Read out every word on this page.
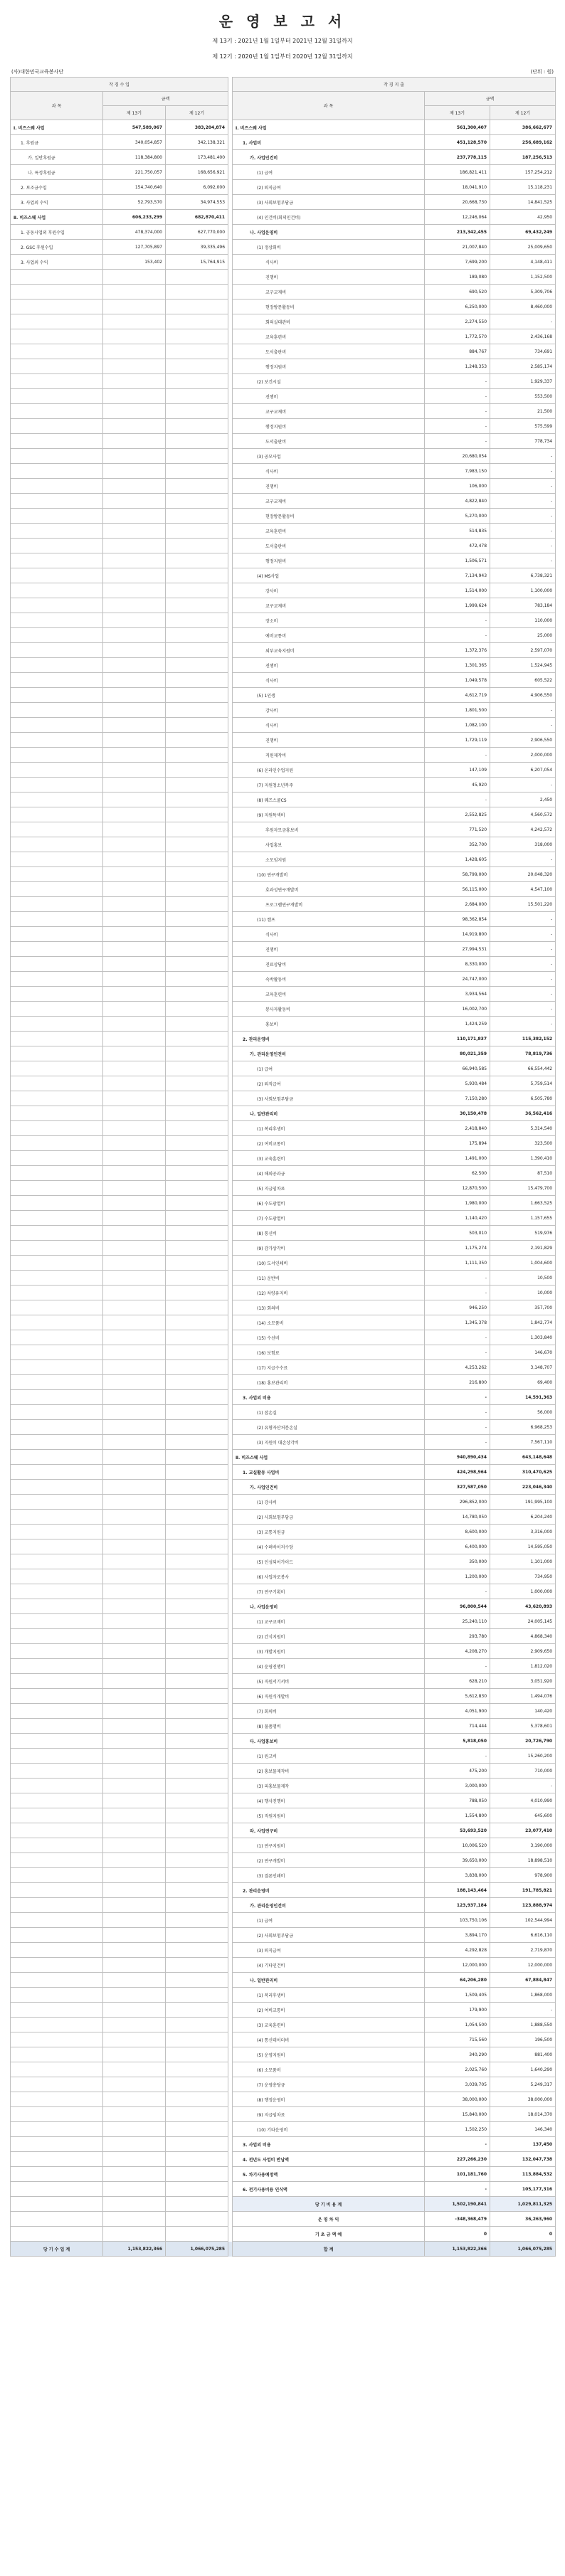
운 영 보 고 서
제 13기 : 2021년 1월 1일부터 2021년 12월 31일까지
제 12기 : 2020년 1월 1일부터 2020년 12월 31일까지
(사)대한민국교육봉사단	(단위 : 원)
작 경 수 입				작 경 지 출		
과 목	금액			과 목	금액	
	제 13기	제 12기			제 13기	제 12기
Ⅰ. 비즈스웨 사업	547,589,067	383,204,874		Ⅰ. 비즈스웨 사업	561,300,407	386,662,677
1. 후원금	340,054,857	342,138,321		1. 사업비	451,128,570	256,689,162
가. 일반후원금	118,384,800	173,481,400		가. 사업인건비	237,778,115	187,256,513
나. 특정후원금	221,750,057	168,656,921		(1) 급여	186,821,411	157,254,212
2. 보조금수입	154,740,640	6,092,000		(2) 퇴직급여	18,041,910	15,118,231
3. 사업외 수익	52,793,570	34,974,553		(3) 사회보험부담금	20,668,730	14,841,525
Ⅱ. 비즈스웨 사업	606,233,299	682,870,411		(4) 인건비(회의인건비)	12,246,064	42,950
1. 공동사업외 후원수입	478,374,000	627,770,000		나. 사업운영비	213,342,455	69,432,249
2. GSC 후원수입	127,705,897	39,335,496		(1) 정상회비	21,007,840	25,009,650
3. 사업외 수익	153,402	15,764,915		식사비	7,699,200	4,148,411
				진행비	189,080	1,152,500
				교구교재비	690,520	5,309,706
				현장방문활동비	6,250,000	8,460,000
				회의실대관비	2,274,550	-
				교육훈련비	1,772,570	2,436,168
				도서출판비	884,767	734,691
				행정지원비	1,248,353	2,585,174
				(2) 보건시설	-	1,929,337
				진행비	-	553,500
				교구교재비	-	21,500
				행정지원비	-	575,599
				도서출판비	-	778,734
				(3) 공모사업	20,680,054	-
				식사비	7,983,150	-
				진행비	106,000	-
				교구교재비	4,822,840	-
				현장방문활동비	5,270,000	-
				교육훈련비	514,835	-
				도서출판비	472,478	-
				행정지원비	1,506,571	-
				(4) MS사업	7,134,943	6,738,321
				강사비	1,514,000	1,100,000
				교구교재비	1,999,624	783,184
				장소비	-	110,000
				예비교통비	-	25,000
				외부교육지원비	1,372,376	2,597,070
				진행비	1,301,365	1,524,945
				식사비	1,049,578	605,522
				(5) 1인생	4,612,719	4,906,550
				강사비	1,801,500	-
				식사비	1,082,100	-
				진행비	1,729,119	2,906,550
				직원제작비	-	2,000,000
				(6) 온라인수업지원	147,109	6,207,054
				(7) 지원청소년복주	45,920	-
				(8) 퀘즈스쿨CS	-	2,450
				(9) 지원특색비	2,552,825	4,560,572
				후원자모금홍보비	771,520	4,242,572
				사업홍보	352,700	318,000
				소모임지원	1,428,605	-
				(10) 연구개발비	58,799,000	20,048,320
				효과성연구개발비	56,115,000	4,547,100
				프로그램연구개발비	2,684,000	15,501,220
				(11) 캠프	98,362,854	-
				식사비	14,919,800	-
				진행비	27,994,531	-
				진료상담비	8,330,000	-
				숙박활동비	24,747,000	-
				교육훈련비	3,934,564	-
				봉사자활동비	16,002,700	-
				홍보비	1,424,259	-
				2. 관리운영비	110,171,837	115,382,152
				가. 관리운영인건비	80,021,359	78,819,736
				(1) 급여	66,940,585	66,554,442
				(2) 퇴직급여	5,930,484	5,759,514
				(3) 사회보험부담금	7,150,280	6,505,780
				나. 일반관리비	30,150,478	36,562,416
				(1) 복리후생비	2,418,840	5,314,540
				(2) 여비교통비	175,894	323,500
				(3) 교육훈련비	1,491,000	1,390,410
				(4) 해외공과금	62,500	87,510
				(5) 지급임차료	12,870,500	15,479,700
				(6) 수도광열비	1,980,000	1,663,525
				(7) 수도광열비	1,140,420	1,157,655
				(8) 통신비	503,010	519,976
				(9) 감가상각비	1,175,274	2,191,829
				(10) 도서인쇄비	1,111,350	1,004,600
				(11) 운반비	-	10,500
				(12) 차량유지비	-	10,000
				(13) 회의비	946,250	357,700
				(14) 소모품비	1,345,378	1,842,774
				(15) 수선비	-	1,303,840
				(16) 보험료	-	146,670
				(17) 지급수수료	4,253,262	3,148,707
				(18) 홍보관리비	216,800	69,400
				3. 사업외 비용	-	14,591,363
				(1) 잡손실	-	56,000
				(2) 유형자산처분손실	-	6,968,253
				(3) 지원이 대손상각비	-	7,567,110
				Ⅱ. 비즈스웨 사업	940,890,434	643,148,648
				1. 교실활동 사업비	424,298,964	310,470,625
				가. 사업인건비	327,587,050	223,046,340
				(1) 강사비	296,852,000	191,995,100
				(2) 사회보험부담금	14,780,050	6,204,240
				(3) 교통지원금	8,600,000	3,316,000
				(4) 수퍼바이저수당	6,400,000	14,595,050
				(5) 인성되어가이드	350,000	1,101,000
				(6) 사업자로봉사	1,200,000	734,950
				(7) 연구기획비	-	1,000,000
				나. 사업운영비	96,800,544	43,620,893
				(1) 교구교재비	25,240,110	24,005,145
				(2) 간식지원비	293,780	4,868,340
				(3) 개발지원비	4,208,270	2,909,650
				(4) 운영진행비	-	1,812,020
				(5) 직원서기서비	628,210	3,051,920
				(6) 직원식개발비	5,612,830	1,494,076
				(7) 회의비	4,051,900	140,420
				(8) 물품명비	714,444	5,378,601
				다. 사업홍보비	5,818,050	20,726,790
				(1) 원고비	-	15,260,200
				(2) 홍보물제작비	475,200	710,000
				(3) 피홍보물제작	3,000,000	-
				(4) 행사진행비	788,050	4,010,990
				(5) 직원지원비	1,554,800	645,600
				라. 사업연구비	53,693,520	23,077,410
				(1) 연구지원비	10,006,520	3,190,000
				(2) 연구개발비	39,650,000	18,898,510
				(3) 결론인쇄비	3,838,000	978,900
				2. 관리운영비	188,143,464	191,785,821
				가. 관리운영인건비	123,937,184	123,888,974
				(1) 급여	103,750,106	102,544,994
				(2) 사회보험부담금	3,894,170	6,616,110
				(3) 퇴직급여	4,292,828	2,719,870
				(4) 기타인건비	12,000,000	12,000,000
				나. 일반관리비	64,206,280	67,884,847
				(1) 복리후생비	1,509,405	1,868,000
				(2) 여비교통비	179,900	-
				(3) 교육훈련비	1,054,500	1,888,550
				(4) 통신데이터비	715,560	196,500
				(5) 운영지원비	340,290	881,400
				(6) 소모품비	2,025,760	1,640,290
				(7) 운영총당금	3,039,705	5,249,317
				(8) 행정운영비	38,000,000	38,000,000
				(9) 지급임차료	15,840,000	18,014,370
				(10) 기타운영비	1,502,250	146,340
				3. 사업외 비용	-	137,450
				4. 전년도 사업비 반납액	227,266,230	132,047,738
				5. 차기사용예정액	101,181,760	113,884,532
				6. 전기사용비용 인식액	-	105,177,316
				당 기 비 용 계	1,502,190,841	1,029,811,325
				운 영 차 익	-348,368,479	36,263,960
				기 초 금 액 예	0	0
당 기 수 입 계	1,153,822,366	1,066,075,285		합 계	1,153,822,366	1,066,075,285
